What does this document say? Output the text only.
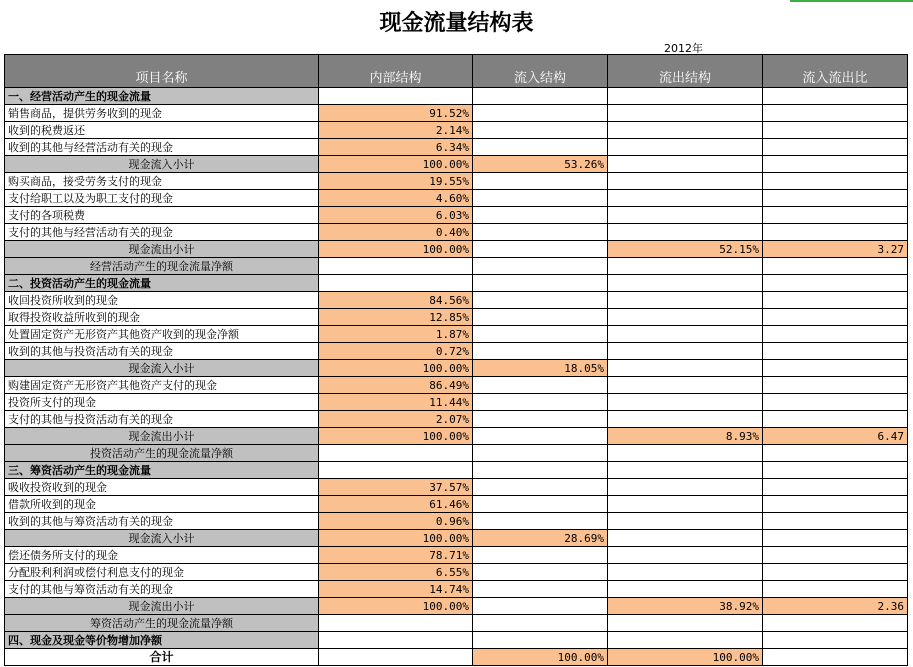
现金流量结构表
2012年
项目名称	内部结构	流入结构	流出结构	流入流出比
一、经营活动产生的现金流量				
销售商品，提供劳务收到的现金	91.52%			
收到的税费返还	2.14%			
收到的其他与经营活动有关的现金	6.34%			
现金流入小计	100.00%	53.26%		
购买商品，接受劳务支付的现金	19.55%			
支付给职工以及为职工支付的现金	4.60%			
支付的各项税费	6.03%			
支付的其他与经营活动有关的现金	0.40%			
现金流出小计	100.00%		52.15%	3.27
经营活动产生的现金流量净额				
二、投资活动产生的现金流量				
收回投资所收到的现金	84.56%			
取得投资收益所收到的现金	12.85%			
处置固定资产无形资产其他资产收到的现金净额	1.87%			
收到的其他与投资活动有关的现金	0.72%			
现金流入小计	100.00%	18.05%		
购建固定资产无形资产其他资产支付的现金	86.49%			
投资所支付的现金	11.44%			
支付的其他与投资活动有关的现金	2.07%			
现金流出小计	100.00%		8.93%	6.47
投资活动产生的现金流量净额				
三、筹资活动产生的现金流量				
吸收投资收到的现金	37.57%			
借款所收到的现金	61.46%			
收到的其他与筹资活动有关的现金	0.96%			
现金流入小计	100.00%	28.69%		
偿还债务所支付的现金	78.71%			
分配股利利润或偿付利息支付的现金	6.55%			
支付的其他与筹资活动有关的现金	14.74%			
现金流出小计	100.00%		38.92%	2.36
筹资活动产生的现金流量净额				
四、现金及现金等价物增加净额				
合计		100.00%	100.00%	
